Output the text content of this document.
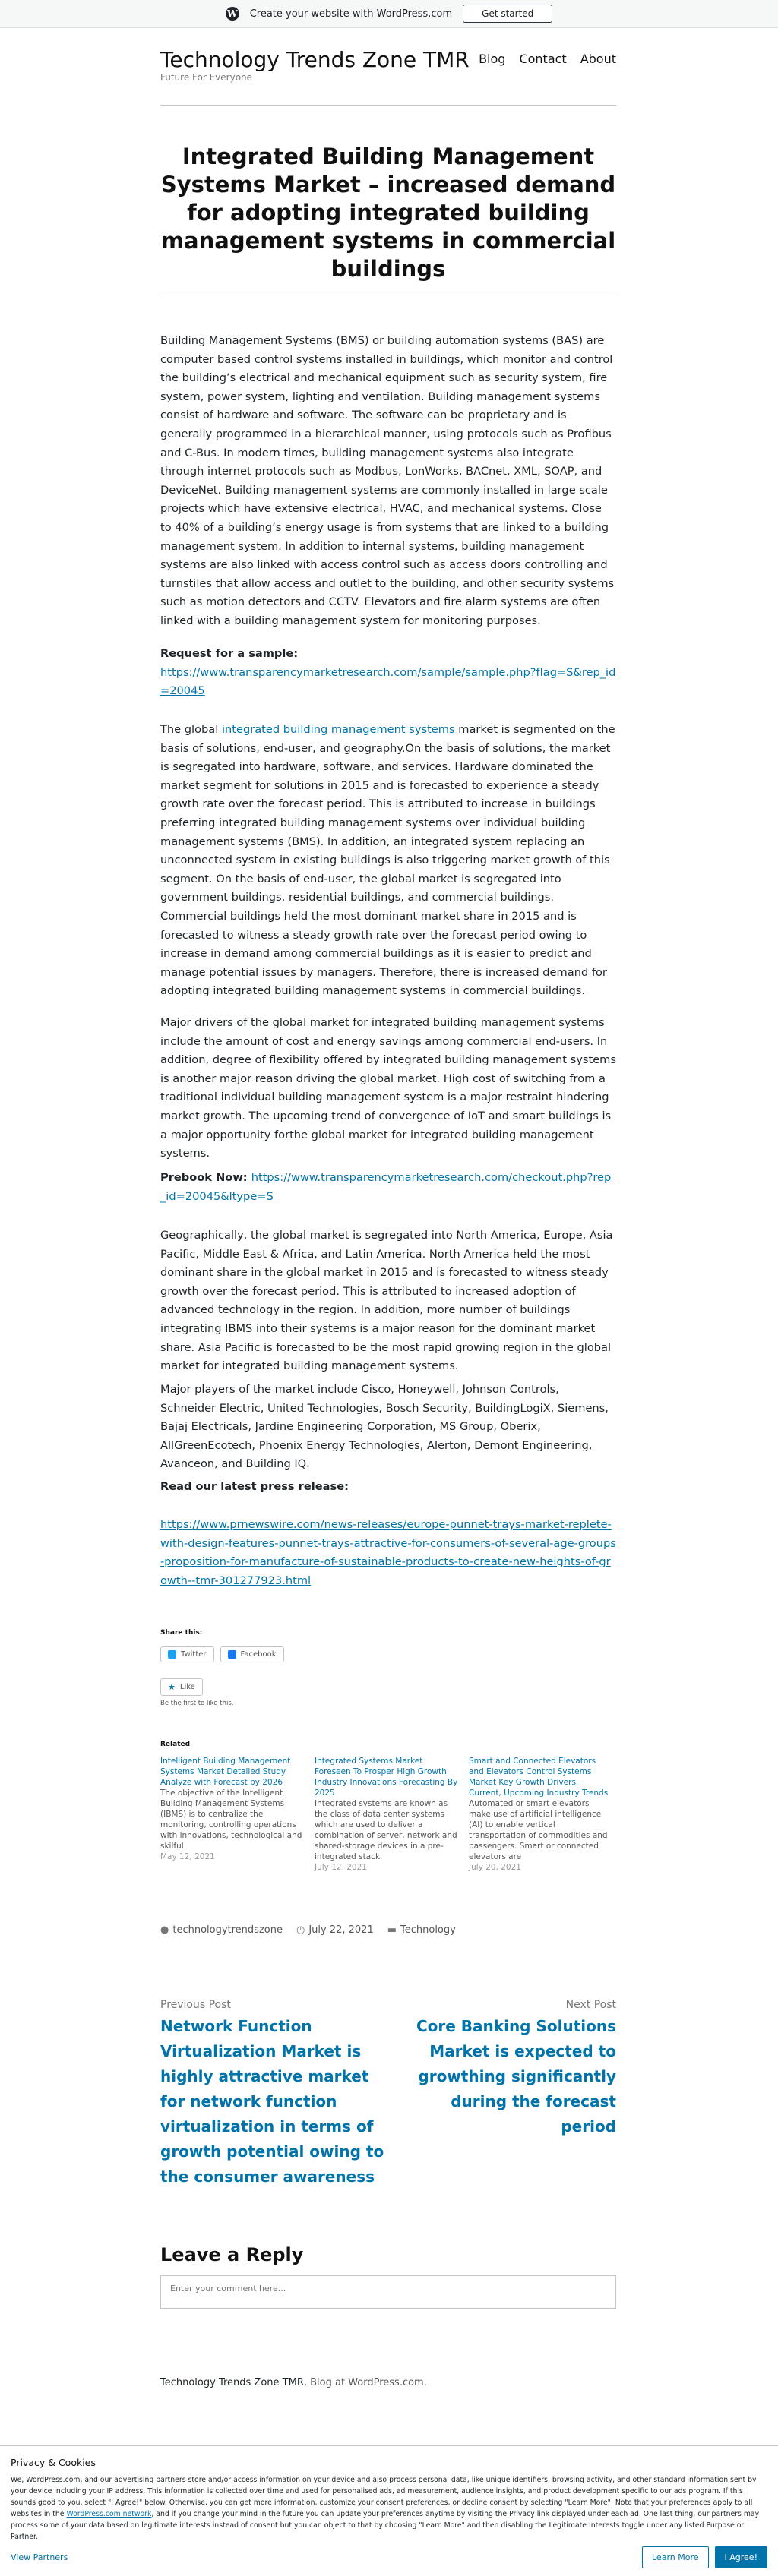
W Create your website with WordPress.com	Get started
Technology Trends Zone TMR
Future For Everyone
Blog Contact About
Integrated Building Management Systems Market – increased demand for adopting integrated building management systems in commercial buildings

Building Management Systems (BMS) or building automation systems (BAS) are computer based control systems installed in buildings, which monitor and control the building’s electrical and mechanical equipment such as security system, fire system, power system, lighting and ventilation. Building management systems consist of hardware and software. The software can be proprietary and is generally programmed in a hierarchical manner, using protocols such as Profibus and C-Bus. In modern times, building management systems also integrate through internet protocols such as Modbus, LonWorks, BACnet, XML, SOAP, and DeviceNet. Building management systems are commonly installed in large scale projects which have extensive electrical, HVAC, and mechanical systems. Close to 40% of a building’s energy usage is from systems that are linked to a building management system. In addition to internal systems, building management systems are also linked with access control such as access doors controlling and turnstiles that allow access and outlet to the building, and other security systems such as motion detectors and CCTV. Elevators and fire alarm systems are often linked with a building management system for monitoring purposes.

Request for a sample:

https://www.transparencymarketresearch.com/sample/sample.php?flag=S&rep_id=20045

The global integrated building management systems market is segmented on the basis of solutions, end-user, and geography.On the basis of solutions, the market is segregated into hardware, software, and services. Hardware dominated the market segment for solutions in 2015 and is forecasted to experience a steady growth rate over the forecast period. This is attributed to increase in buildings preferring integrated building management systems over individual building management systems (BMS). In addition, an integrated system replacing an unconnected system in existing buildings is also triggering market growth of this segment. On the basis of end-user, the global market is segregated into government buildings, residential buildings, and commercial buildings. Commercial buildings held the most dominant market share in 2015 and is forecasted to witness a steady growth rate over the forecast period owing to increase in demand among commercial buildings as it is easier to predict and manage potential issues by managers. Therefore, there is increased demand for adopting integrated building management systems in commercial buildings.

Major drivers of the global market for integrated building management systems include the amount of cost and energy savings among commercial end-users. In addition, degree of flexibility offered by integrated building management systems is another major reason driving the global market. High cost of switching from a traditional individual building management system is a major restraint hindering market growth. The upcoming trend of convergence of IoT and smart buildings is a major opportunity forthe global market for integrated building management systems.

Prebook Now: https://www.transparencymarketresearch.com/checkout.php?rep_id=20045&ltype=S

Geographically, the global market is segregated into North America, Europe, Asia Pacific, Middle East & Africa, and Latin America. North America held the most dominant share in the global market in 2015 and is forecasted to witness steady growth over the forecast period. This is attributed to increased adoption of advanced technology in the region. In addition, more number of buildings integrating IBMS into their systems is a major reason for the dominant market share. Asia Pacific is forecasted to be the most rapid growing region in the global market for integrated building management systems.

Major players of the market include Cisco, Honeywell, Johnson Controls, Schneider Electric, United Technologies, Bosch Security, BuildingLogiX, Siemens, Bajaj Electricals, Jardine Engineering Corporation, MS Group, Oberix, AllGreenEcotech, Phoenix Energy Technologies, Alerton, Demont Engineering, Avanceon, and Building IQ.

Read our latest press release:

https://www.prnewswire.com/news-releases/europe-punnet-trays-market-replete-with-design-features-punnet-trays-attractive-for-consumers-of-several-age-groups-proposition-for-manufacture-of-sustainable-products-to-create-new-heights-of-growth--tmr-301277923.html

Share this:
Twitter	Facebook
★ Like
Be the first to like this.
Related
Intelligent Building Management Systems Market Detailed Study Analyze with Forecast by 2026
The objective of the Intelligent Building Management Systems (IBMS) is to centralize the monitoring, controlling operations with innovations, technological and skilful
May 12, 2021
Integrated Systems Market Foreseen To Prosper High Growth Industry Innovations Forecasting By 2025
Integrated systems are known as the class of data center systems which are used to deliver a combination of server, network and shared-storage devices in a pre-integrated stack.
July 12, 2021
Smart and Connected Elevators and Elevators Control Systems Market Key Growth Drivers, Current, Upcoming Industry Trends
Automated or smart elevators make use of artificial intelligence (AI) to enable vertical transportation of commodities and passengers. Smart or connected elevators are
July 20, 2021
● technologytrendszone ◷ July 22, 2021 ▬ Technology
Previous Post
Network Function Virtualization Market is highly attractive market for network function virtualization in terms of growth potential owing to the consumer awareness
Next Post
Core Banking Solutions Market is expected to growthing significantly during the forecast period
Leave a Reply
Enter your comment here...
Technology Trends Zone TMR, Blog at WordPress.com.
Privacy & Cookies
We, WordPress.com, and our advertising partners store and/or access information on your device and also process personal data, like unique identifiers, browsing activity, and other standard information sent by your device including your IP address. This information is collected over time and used for personalised ads, ad measurement, audience insights, and product development specific to our ads program. If this sounds good to you, select "I Agree!" below. Otherwise, you can get more information, customize your consent preferences, or decline consent by selecting "Learn More". Note that your preferences apply to all websites in the WordPress.com network, and if you change your mind in the future you can update your preferences anytime by visiting the Privacy link displayed under each ad. One last thing, our partners may process some of your data based on legitimate interests instead of consent but you can object to that by choosing "Learn More" and then disabling the Legitimate Interests toggle under any listed Purpose or Partner.
View Partners	Learn More	I Agree!
